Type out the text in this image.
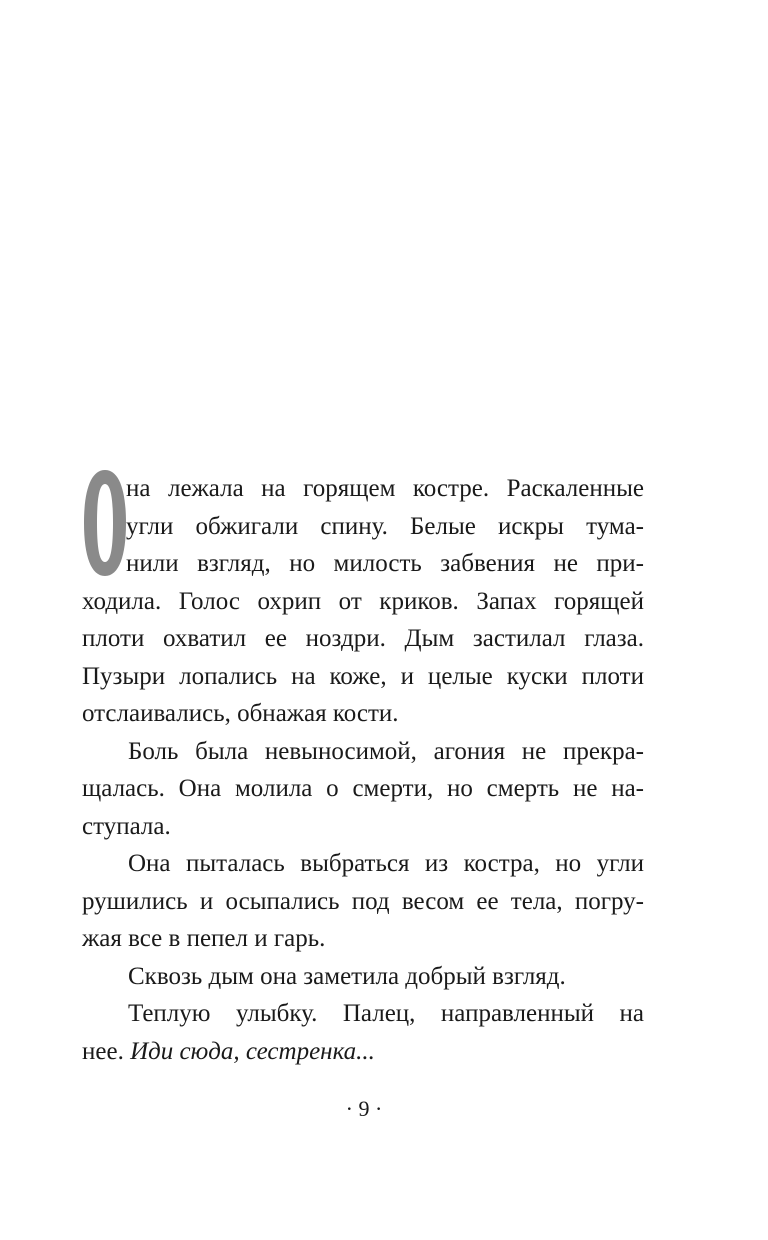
на лежала на горящем костре. Раскаленные
угли обжигали спину. Белые искры тума-
нили взгляд, но милость забвения не при-
ходила. Голос охрип от криков. Запах горящей
плоти охватил ее ноздри. Дым застилал глаза.
Пузыри лопались на коже, и целые куски плоти
отслаивались, обнажая кости.
Боль была невыносимой, агония не прекра-
щалась. Она молила о смерти, но смерть не на-
ступала.
Она пыталась выбраться из костра, но угли
рушились и осыпались под весом ее тела, погру-
жая все в пепел и гарь.
Сквозь дым она заметила добрый взгляд.
Теплую улыбку. Палец, направленный на
нее. Иди сюда, сестренка...
· 9 ·
